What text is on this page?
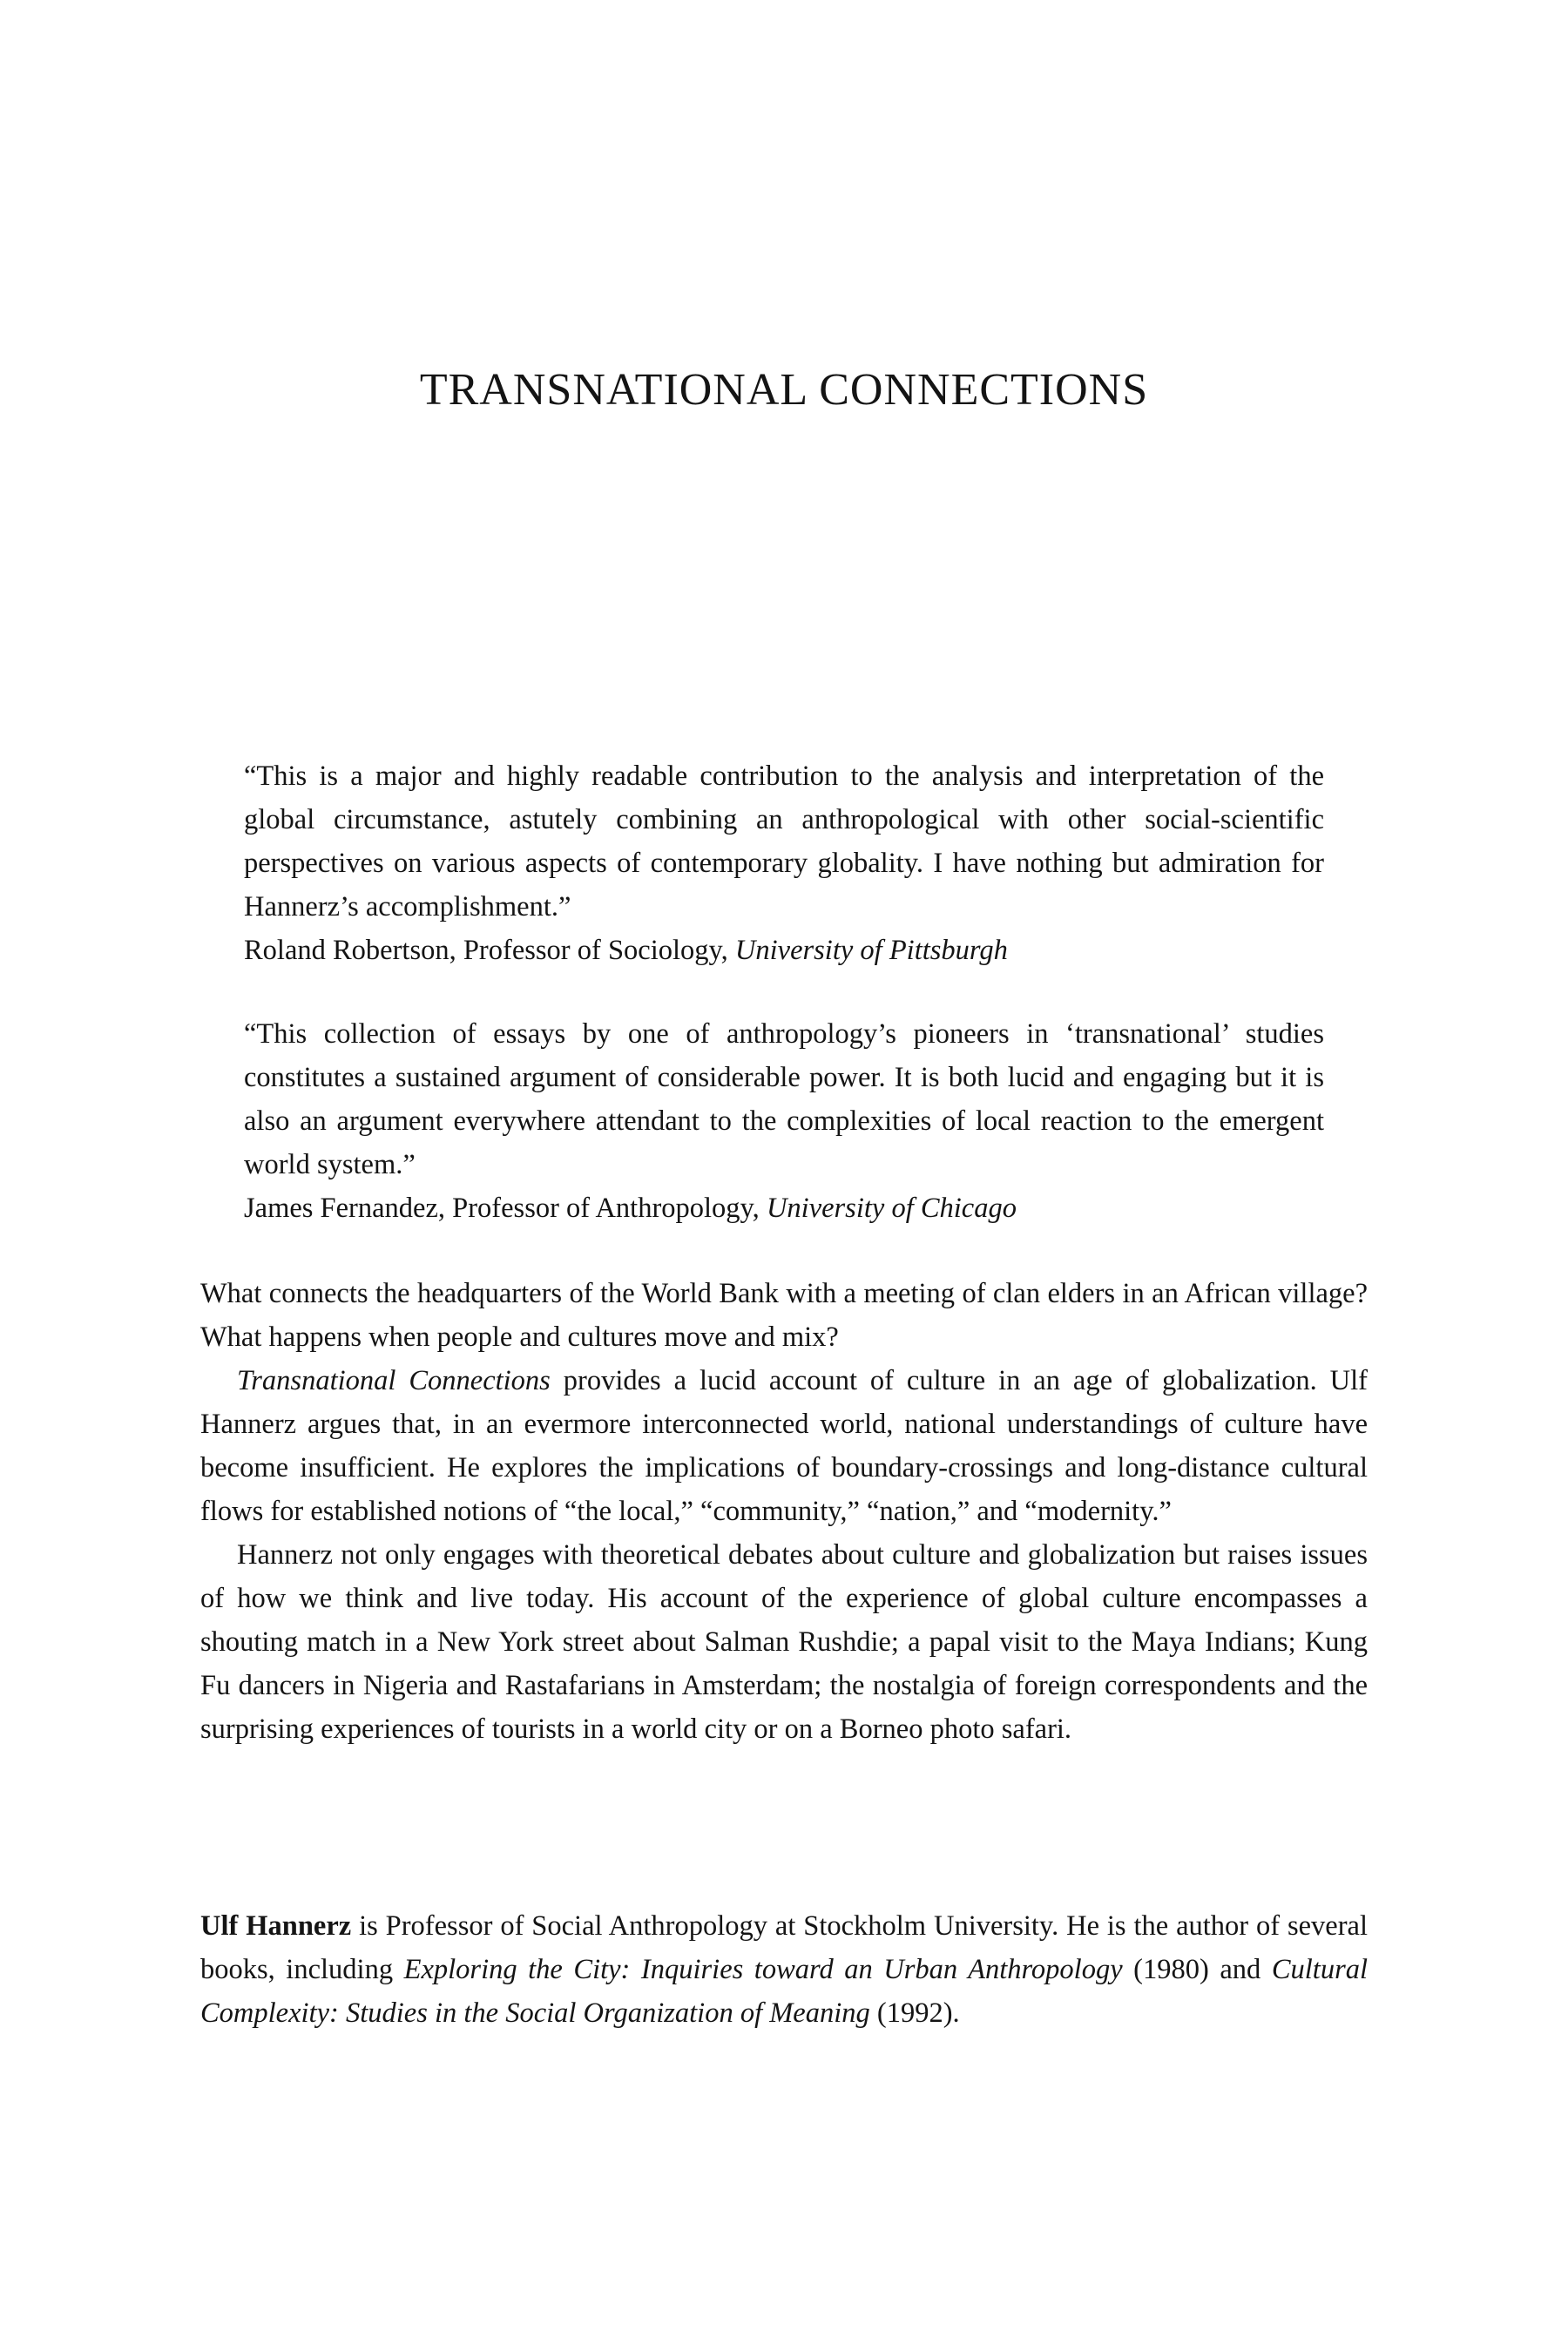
TRANSNATIONAL CONNECTIONS

“This is a major and highly readable contribution to the analysis and interpretation of the global circumstance, astutely combining an anthropological with other social-scientific perspectives on various aspects of contemporary globality. I have nothing but admiration for Hannerz’s accomplishment.”

Roland Robertson, Professor of Sociology, University of Pittsburgh

“This collection of essays by one of anthropology’s pioneers in ‘transnational’ studies constitutes a sustained argument of considerable power. It is both lucid and engaging but it is also an argument everywhere attendant to the complexities of local reaction to the emergent world system.”

James Fernandez, Professor of Anthropology, University of Chicago

What connects the headquarters of the World Bank with a meeting of clan elders in an African village? What happens when people and cultures move and mix?

Transnational Connections provides a lucid account of culture in an age of globalization. Ulf Hannerz argues that, in an evermore interconnected world, national understandings of culture have become insufficient. He explores the implications of boundary-crossings and long-distance cultural flows for established notions of “the local,” “community,” “nation,” and “modernity.”

Hannerz not only engages with theoretical debates about culture and globalization but raises issues of how we think and live today. His account of the experience of global culture encompasses a shouting match in a New York street about Salman Rushdie; a papal visit to the Maya Indians; Kung Fu dancers in Nigeria and Rastafarians in Amsterdam; the nostalgia of foreign correspondents and the surprising experiences of tourists in a world city or on a Borneo photo safari.

Ulf Hannerz is Professor of Social Anthropology at Stockholm University. He is the author of several books, including Exploring the City: Inquiries toward an Urban Anthropology (1980) and Cultural Complexity: Studies in the Social Organization of Meaning (1992).
